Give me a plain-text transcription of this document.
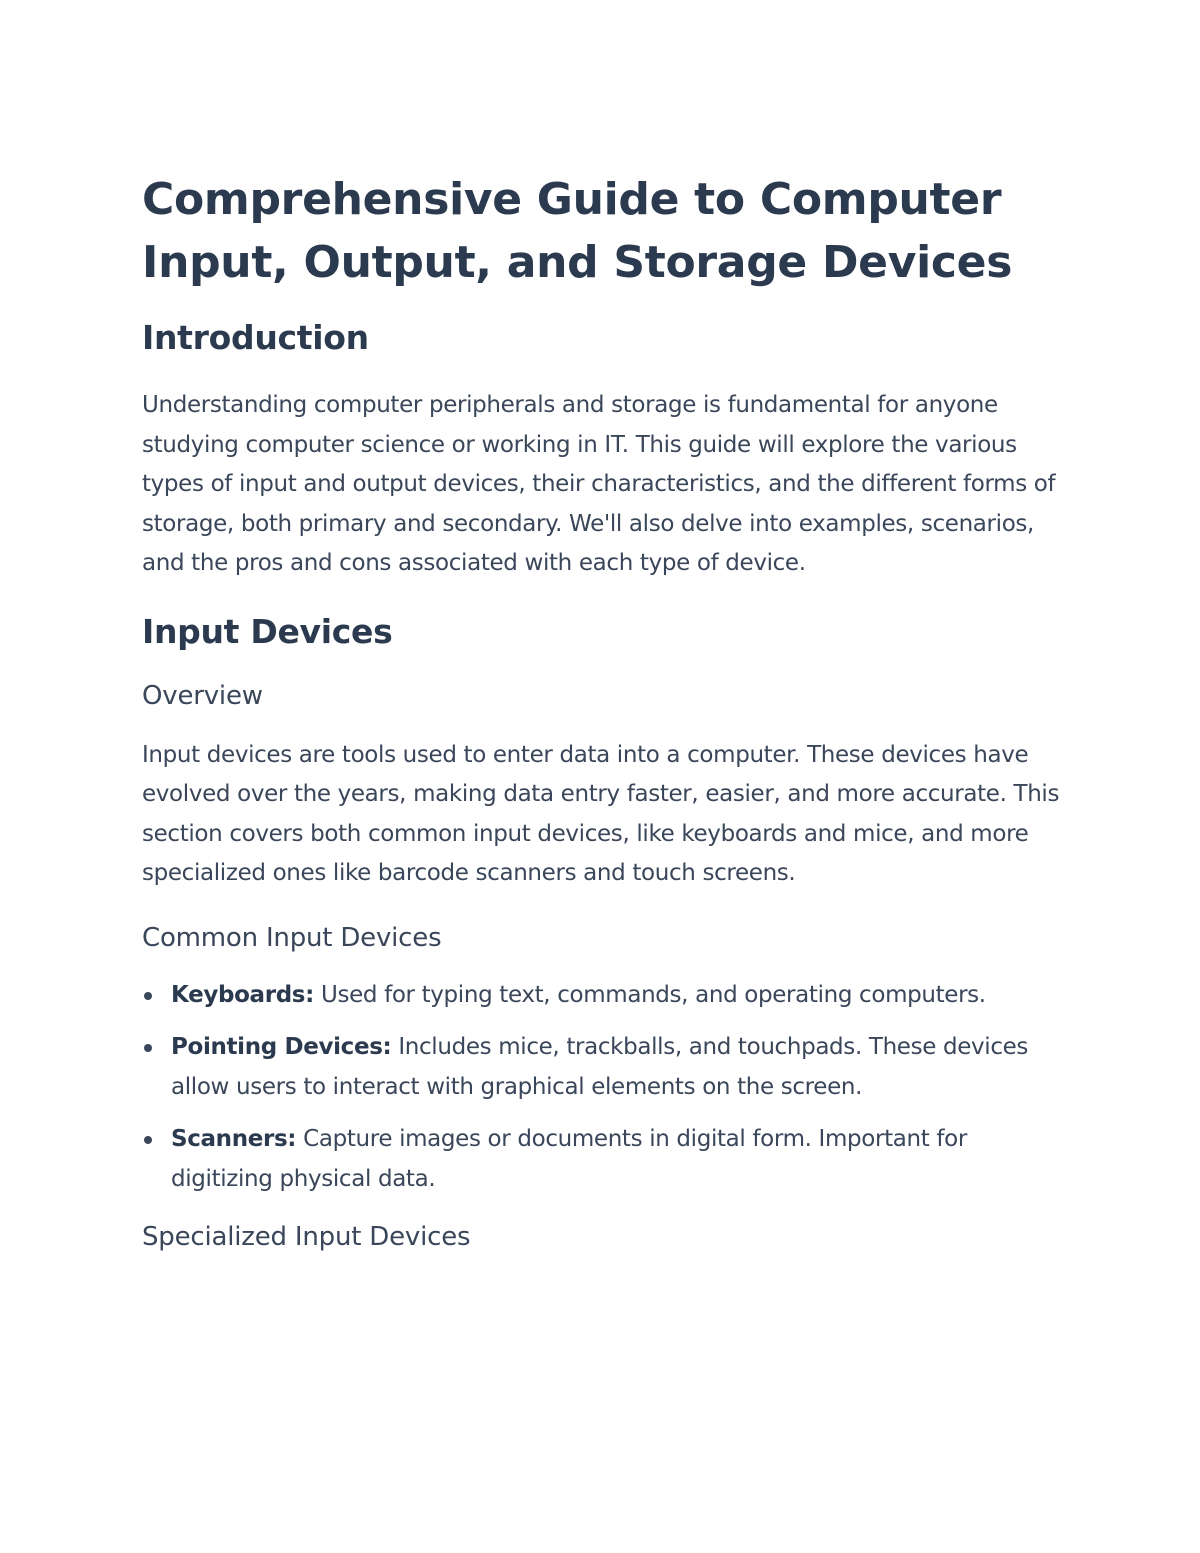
Comprehensive Guide to Computer Input, Output, and Storage Devices
Introduction

Understanding computer peripherals and storage is fundamental for anyone studying computer science or working in IT. This guide will explore the various types of input and output devices, their characteristics, and the different forms of storage, both primary and secondary. We'll also delve into examples, scenarios, and the pros and cons associated with each type of device.

Input Devices
Overview

Input devices are tools used to enter data into a computer. These devices have evolved over the years, making data entry faster, easier, and more accurate. This section covers both common input devices, like keyboards and mice, and more specialized ones like barcode scanners and touch screens.

Common Input Devices
Keyboards: Used for typing text, commands, and operating computers.
Pointing Devices: Includes mice, trackballs, and touchpads. These devices allow users to interact with graphical elements on the screen.
Scanners: Capture images or documents in digital form. Important for digitizing physical data.
Specialized Input Devices
